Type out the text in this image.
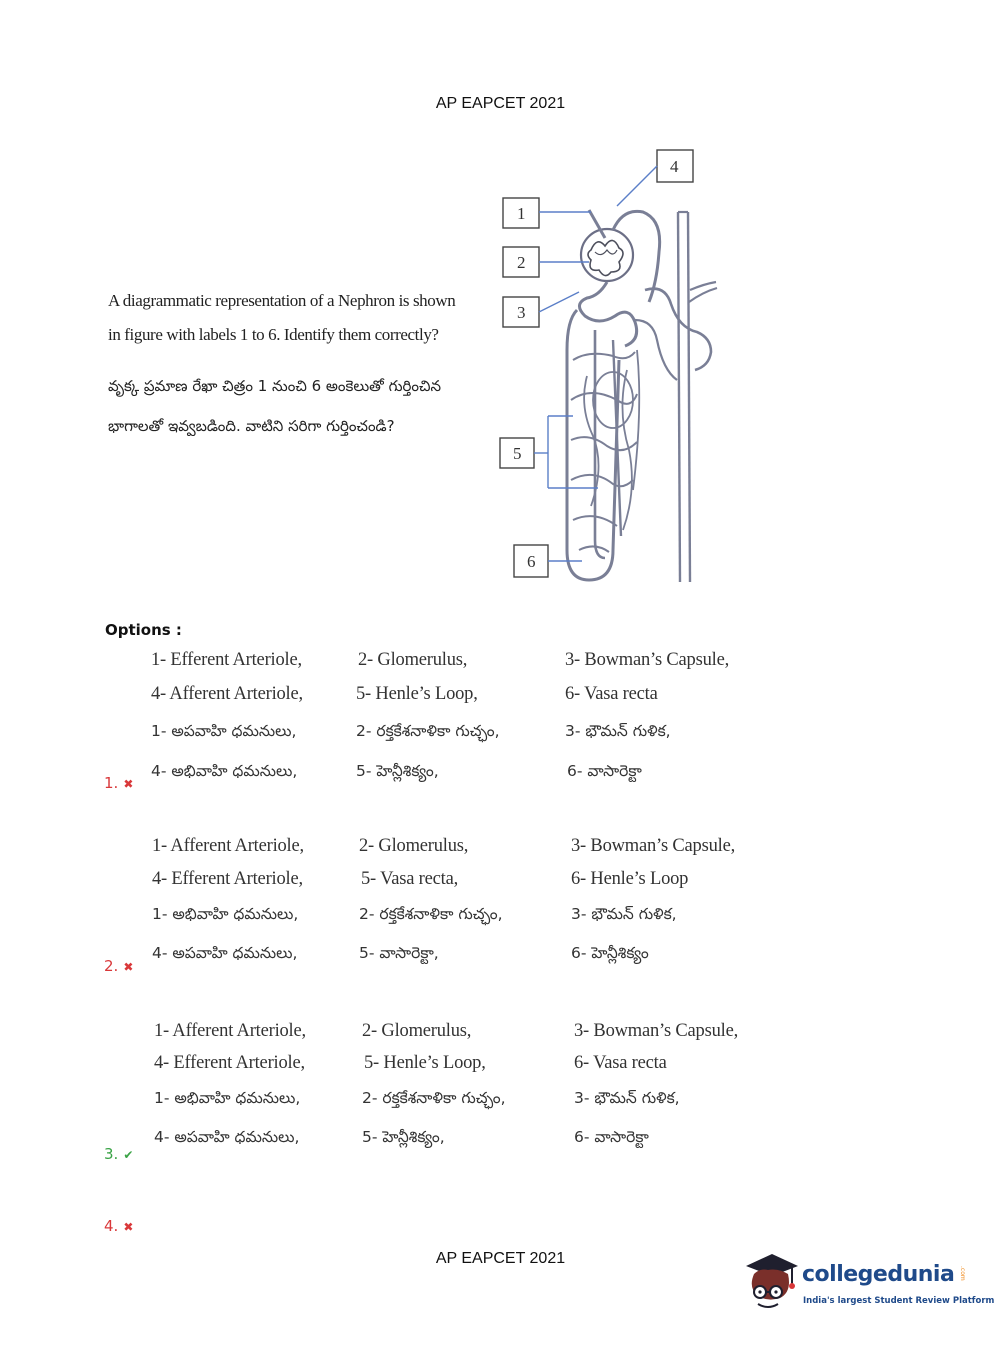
AP EAPCET 2021
A diagrammatic representation of a Nephron is shown in figure with labels 1 to 6. Identify them correctly?
వృక్క ప్రమాణ రేఖా చిత్రం 1 నుంచి 6 అంకెలుతో గుర్తించిన భాగాలతో ఇవ్వబడింది. వాటిని సరిగా గుర్తించండి?
1
2
3
4
5
6
Options :
1- Efferent Arteriole,	2- Glomerulus,	3- Bowman’s Capsule,
4- Afferent Arteriole,	5- Henle’s Loop,	6- Vasa recta
1- అపవాహి ధమనులు,	2- రక్తకేశనాళికా గుచ్ఛం,	3- భౌమన్ గుళిక,
4- అభివాహి ధమనులు,	5- హెన్లీశిక్యం,	6- వాసారెక్టా
1. ✖
1- Afferent Arteriole,	2- Glomerulus,	3- Bowman’s Capsule,
4- Efferent Arteriole,	5- Vasa recta,	6- Henle’s Loop
1- అభివాహి ధమనులు,	2- రక్తకేశనాళికా గుచ్ఛం,	3- భౌమన్ గుళిక,
4- అపవాహి ధమనులు,	5- వాసారెక్టా,	6- హెన్లీశిక్యం
2. ✖
1- Afferent Arteriole,	2- Glomerulus,	3- Bowman’s Capsule,
4- Efferent Arteriole,	5- Henle’s Loop,	6- Vasa recta
1- అభివాహి ధమనులు,	2- రక్తకేశనాళికా గుచ్ఛం,	3- భౌమన్ గుళిక,
4- అపవాహి ధమనులు,	5- హెన్లీశిక్యం,	6- వాసారెక్టా
3. ✔
4. ✖
AP EAPCET 2021
collegedunia .com
India's largest Student Review Platform
